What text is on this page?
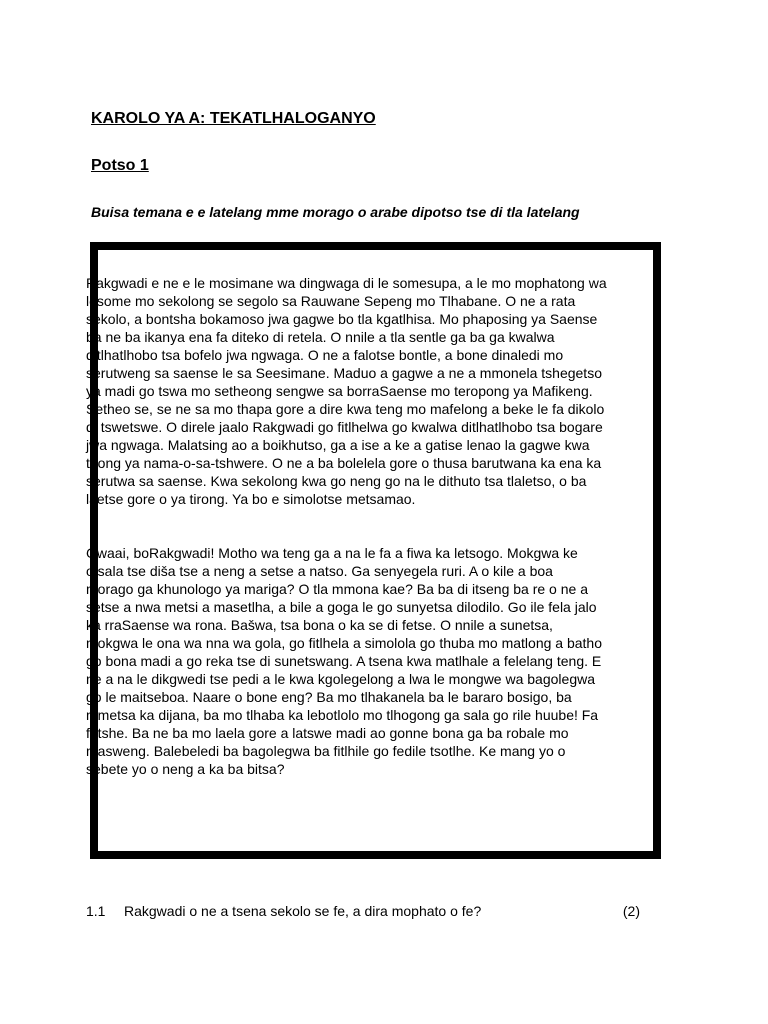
KAROLO YA A: TEKATLHALOGANYO
Potso 1

Buisa temana e e latelang mme morago o arabe dipotso tse di tla latelang

Rakgwadi e ne e le mosimane wa dingwaga di le somesupa, a le mo mophatong wa
lesome mo sekolong se segolo sa Rauwane Sepeng mo Tlhabane. O ne a rata
sekolo, a bontsha bokamoso jwa gagwe bo tla kgatlhisa. Mo phaposing ya Saense
ba ne ba ikanya ena fa diteko di retela. O nnile a tla sentle ga ba ga kwalwa
ditlhatlhobo tsa bofelo jwa ngwaga. O ne a falotse bontle, a bone dinaledi mo
serutweng sa saense le sa Seesimane. Maduo a gagwe a ne a mmonela tshegetso
ya madi go tswa mo setheong sengwe sa borraSaense mo teropong ya Mafikeng.
Setheo se, se ne sa mo thapa gore a dire kwa teng mo mafelong a beke le fa dikolo
di tswetswe. O direle jaalo Rakgwadi go fitlhelwa go kwalwa ditlhatlhobo tsa bogare
jwa ngwaga. Malatsing ao a boikhutso, ga a ise a ke a gatise lenao la gagwe kwa
tirong ya nama-o-sa-tshwere. O ne a ba bolelela gore o thusa barutwana ka ena ka
serutwa sa saense. Kwa sekolong kwa go neng go na le dithuto tsa tlaletso, o ba
laetse gore o ya tirong. Ya bo e simolotse metsamao.
Gwaai, boRakgwadi! Motho wa teng ga a na le fa a fiwa ka letsogo. Mokgwa ke
otsala tse diša tse a neng a setse a natso. Ga senyegela ruri. A o kile a boa
morago ga khunologo ya mariga? O tla mmona kae? Ba ba di itseng ba re o ne a
setse a nwa metsi a masetlha, a bile a goga le go sunyetsa dilodilo. Go ile fela jalo
ka rraSaense wa rona. Bašwa, tsa bona o ka se di fetse. O nnile a sunetsa,
mokgwa le ona wa nna wa gola, go fitlhela a simolola go thuba mo matlong a batho
go bona madi a go reka tse di sunetswang. A tsena kwa matlhale a felelang teng. E
ne a na le dikgwedi tse pedi a le kwa kgolegelong a lwa le mongwe wa bagolegwa
go le maitseboa. Naare o bone eng? Ba mo tlhakanela ba le bararo bosigo, ba
mmetsa ka dijana, ba mo tlhaba ka lebotlolo mo tlhogong ga sala go rile huube! Fa
fetshe. Ba ne ba mo laela gore a latswe madi ao gonne bona ga ba robale mo
masweng. Balebeledi ba bagolegwa ba fitlhile go fedile tsotlhe. Ke mang yo o
sebete yo o neng a ka ba bitsa?
1.1 Rakgwadi o ne a tsena sekolo se fe, a dira mophato o fe?	(2)
